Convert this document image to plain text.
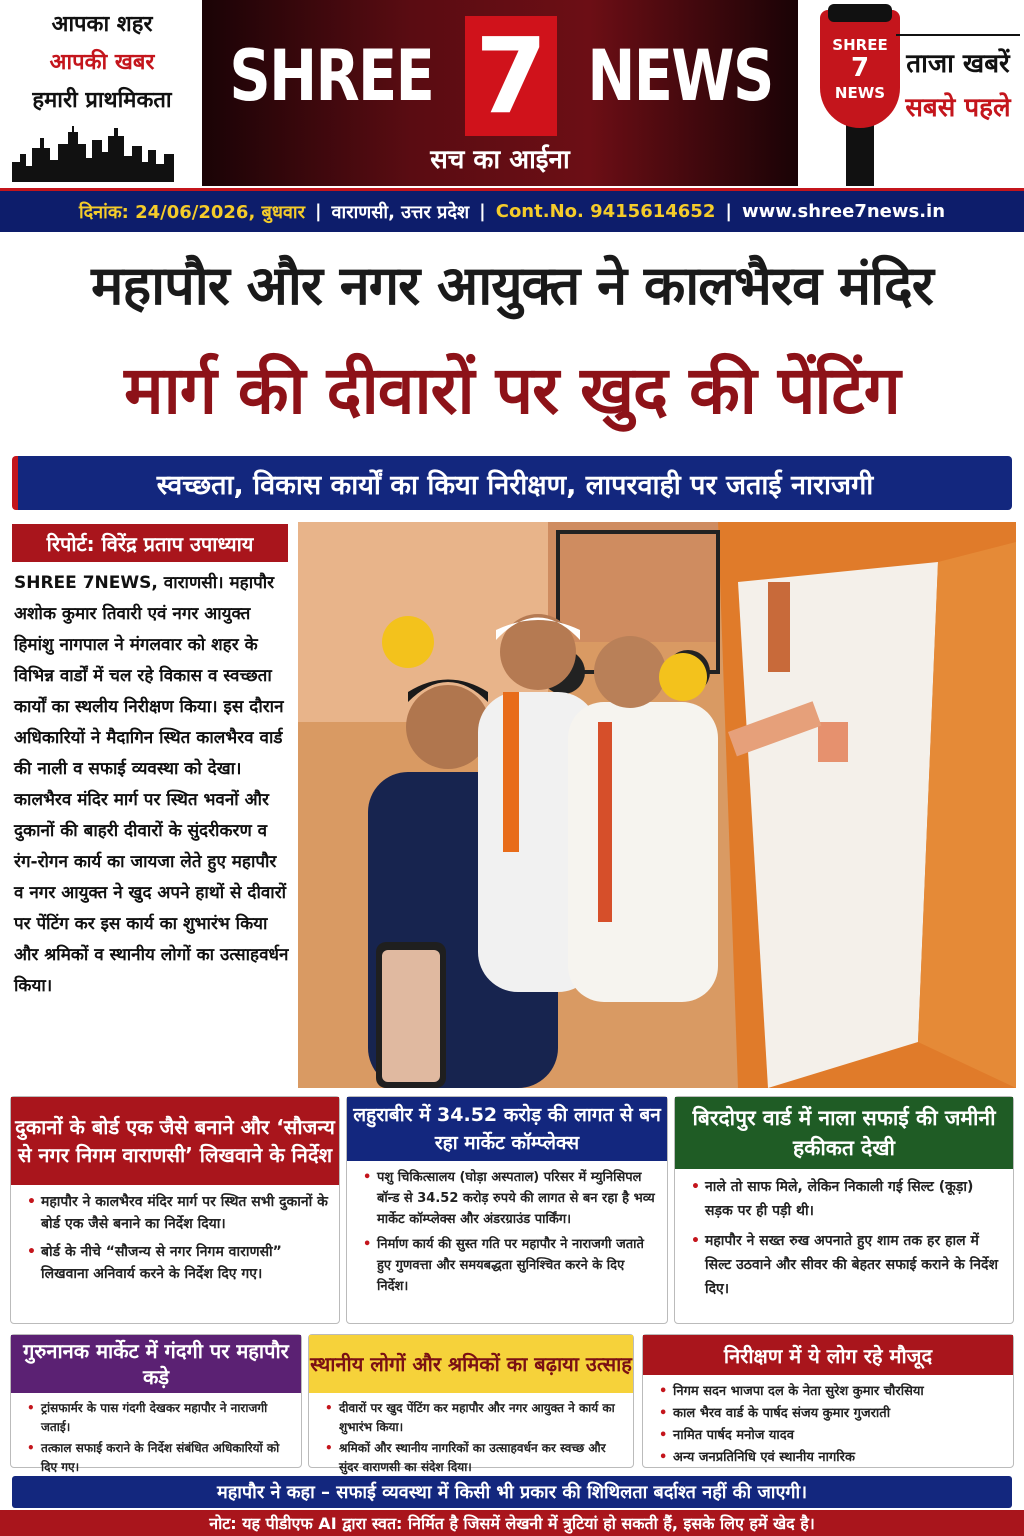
आपका शहर
आपकी खबर
हमारी प्राथमिकता SHREE 7 NEWS
सच का आईना
SHREE
7
NEWS
ताजा खबरें
सबसे पहले
दिनांक: 24/06/2026, बुधवार | वाराणसी, उत्तर प्रदेश | Cont.No. 9415614652 | www.shree7news.in
महापौर और नगर आयुक्त ने कालभैरव मंदिर
मार्ग की दीवारों पर खुद की पेंटिंग
स्वच्छता, विकास कार्यों का किया निरीक्षण, लापरवाही पर जताई नाराजगी
रिपोर्ट: विरेंद्र प्रताप उपाध्याय
SHREE 7NEWS, वाराणसी। महापौर अशोक कुमार तिवारी एवं नगर आयुक्त हिमांशु नागपाल ने मंगलवार को शहर के विभिन्न वार्डों में चल रहे विकास व स्वच्छता कार्यों का स्थलीय निरीक्षण किया। इस दौरान अधिकारियों ने मैदागिन स्थित कालभैरव वार्ड की नाली व सफाई व्यवस्था को देखा। कालभैरव मंदिर मार्ग पर स्थित भवनों और दुकानों की बाहरी दीवारों के सुंदरीकरण व रंग-रोगन कार्य का जायजा लेते हुए महापौर व नगर आयुक्त ने खुद अपने हाथों से दीवारों पर पेंटिंग कर इस कार्य का शुभारंभ किया और श्रमिकों व स्थानीय लोगों का उत्साहवर्धन किया।
दुकानों के बोर्ड एक जैसे बनाने और ‘सौजन्य से नगर निगम वाराणसी’ लिखवाने के निर्देश
• महापौर ने कालभैरव मंदिर मार्ग पर स्थित सभी दुकानों के बोर्ड एक जैसे बनाने का निर्देश दिया।
• बोर्ड के नीचे “सौजन्य से नगर निगम वाराणसी” लिखवाना अनिवार्य करने के निर्देश दिए गए।
लहुराबीर में 34.52 करोड़ की लागत से बन रहा मार्केट कॉम्प्लेक्स
• पशु चिकित्सालय (घोड़ा अस्पताल) परिसर में म्युनिसिपल बॉन्ड से 34.52 करोड़ रुपये की लागत से बन रहा है भव्य मार्केट कॉम्प्लेक्स और अंडरग्राउंड पार्किंग।
• निर्माण कार्य की सुस्त गति पर महापौर ने नाराजगी जताते हुए गुणवत्ता और समयबद्धता सुनिश्चित करने के दिए निर्देश।
बिरदोपुर वार्ड में नाला सफाई की जमीनी हकीकत देखी
• नाले तो साफ मिले, लेकिन निकाली गई सिल्ट (कूड़ा) सड़क पर ही पड़ी थी।
• महापौर ने सख्त रुख अपनाते हुए शाम तक हर हाल में सिल्ट उठवाने और सीवर की बेहतर सफाई कराने के निर्देश दिए।
गुरुनानक मार्केट में गंदगी पर महापौर कड़े
• ट्रांसफार्मर के पास गंदगी देखकर महापौर ने नाराजगी जताई।
• तत्काल सफाई कराने के निर्देश संबंधित अधिकारियों को दिए गए।
स्थानीय लोगों और श्रमिकों का बढ़ाया उत्साह
• दीवारों पर खुद पेंटिंग कर महापौर और नगर आयुक्त ने कार्य का शुभारंभ किया।
• श्रमिकों और स्थानीय नागरिकों का उत्साहवर्धन कर स्वच्छ और सुंदर वाराणसी का संदेश दिया।
निरीक्षण में ये लोग रहे मौजूद
• निगम सदन भाजपा दल के नेता सुरेश कुमार चौरसिया
• काल भैरव वार्ड के पार्षद संजय कुमार गुजराती
• नामित पार्षद मनोज यादव
• अन्य जनप्रतिनिधि एवं स्थानीय नागरिक
महापौर ने कहा – सफाई व्यवस्था में किसी भी प्रकार की शिथिलता बर्दाश्त नहीं की जाएगी।
नोट: यह पीडीएफ AI द्वारा स्वत: निर्मित है जिसमें लेखनी में त्रुटियां हो सकती हैं, इसके लिए हमें खेद है।
